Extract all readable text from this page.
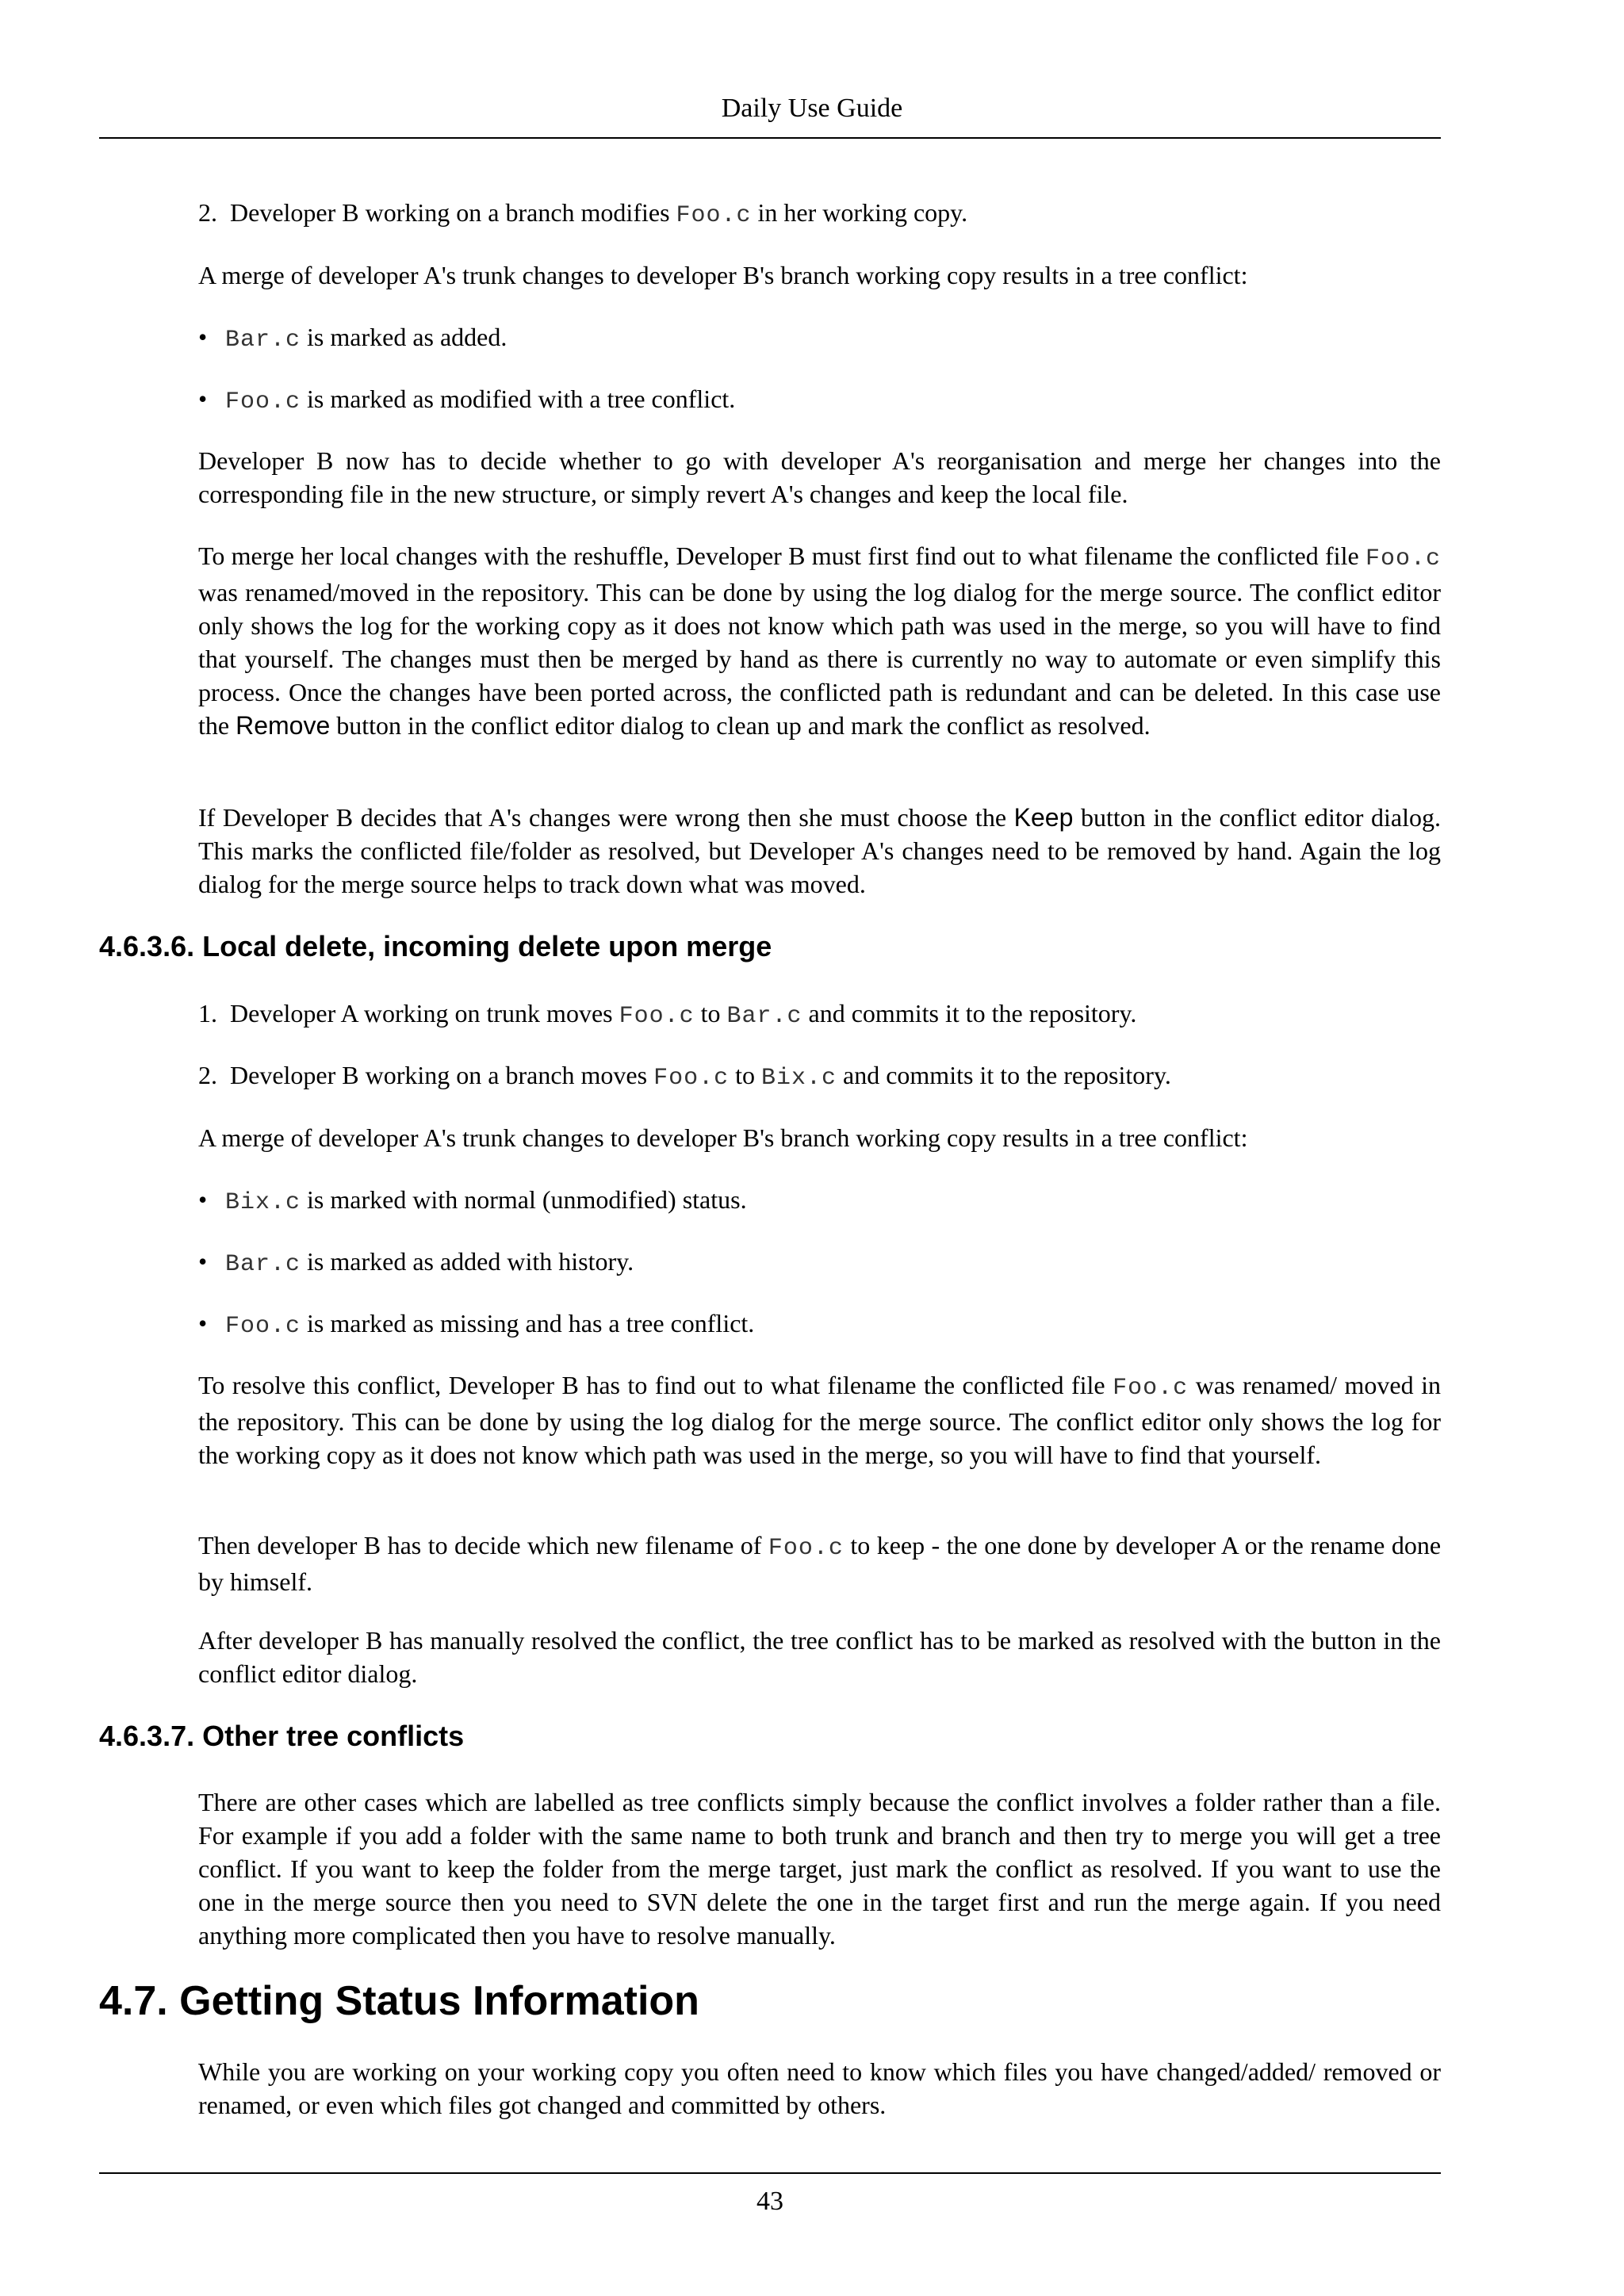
Daily Use Guide

2. Developer B working on a branch modifies Foo.c in her working copy.

A merge of developer A's trunk changes to developer B's branch working copy results in a tree conflict:

• Bar.c is marked as added.

• Foo.c is marked as modified with a tree conflict.

Developer B now has to decide whether to go with developer A's reorganisation and merge her changes into the corresponding file in the new structure, or simply revert A's changes and keep the local file.

To merge her local changes with the reshuffle, Developer B must first find out to what filename the conflicted file Foo.c was renamed/moved in the repository. This can be done by using the log dialog for the merge source. The conflict editor only shows the log for the working copy as it does not know which path was used in the merge, so you will have to find that yourself. The changes must then be merged by hand as there is currently no way to automate or even simplify this process. Once the changes have been ported across, the conflicted path is redundant and can be deleted. In this case use the Remove button in the conflict editor dialog to clean up and mark the conflict as resolved.

If Developer B decides that A's changes were wrong then she must choose the Keep button in the conflict editor dialog. This marks the conflicted file/folder as resolved, but Developer A's changes need to be removed by hand. Again the log dialog for the merge source helps to track down what was moved.

4.6.3.6. Local delete, incoming delete upon merge

1. Developer A working on trunk moves Foo.c to Bar.c and commits it to the repository.

2. Developer B working on a branch moves Foo.c to Bix.c and commits it to the repository.

A merge of developer A's trunk changes to developer B's branch working copy results in a tree conflict:

• Bix.c is marked with normal (unmodified) status.

• Bar.c is marked as added with history.

• Foo.c is marked as missing and has a tree conflict.

To resolve this conflict, Developer B has to find out to what filename the conflicted file Foo.c was renamed/ moved in the repository. This can be done by using the log dialog for the merge source. The conflict editor only shows the log for the working copy as it does not know which path was used in the merge, so you will have to find that yourself.

Then developer B has to decide which new filename of Foo.c to keep - the one done by developer A or the rename done by himself.

After developer B has manually resolved the conflict, the tree conflict has to be marked as resolved with the button in the conflict editor dialog.

4.6.3.7. Other tree conflicts

There are other cases which are labelled as tree conflicts simply because the conflict involves a folder rather than a file. For example if you add a folder with the same name to both trunk and branch and then try to merge you will get a tree conflict. If you want to keep the folder from the merge target, just mark the conflict as resolved. If you want to use the one in the merge source then you need to SVN delete the one in the target first and run the merge again. If you need anything more complicated then you have to resolve manually.

4.7. Getting Status Information

While you are working on your working copy you often need to know which files you have changed/added/ removed or renamed, or even which files got changed and committed by others.

43
